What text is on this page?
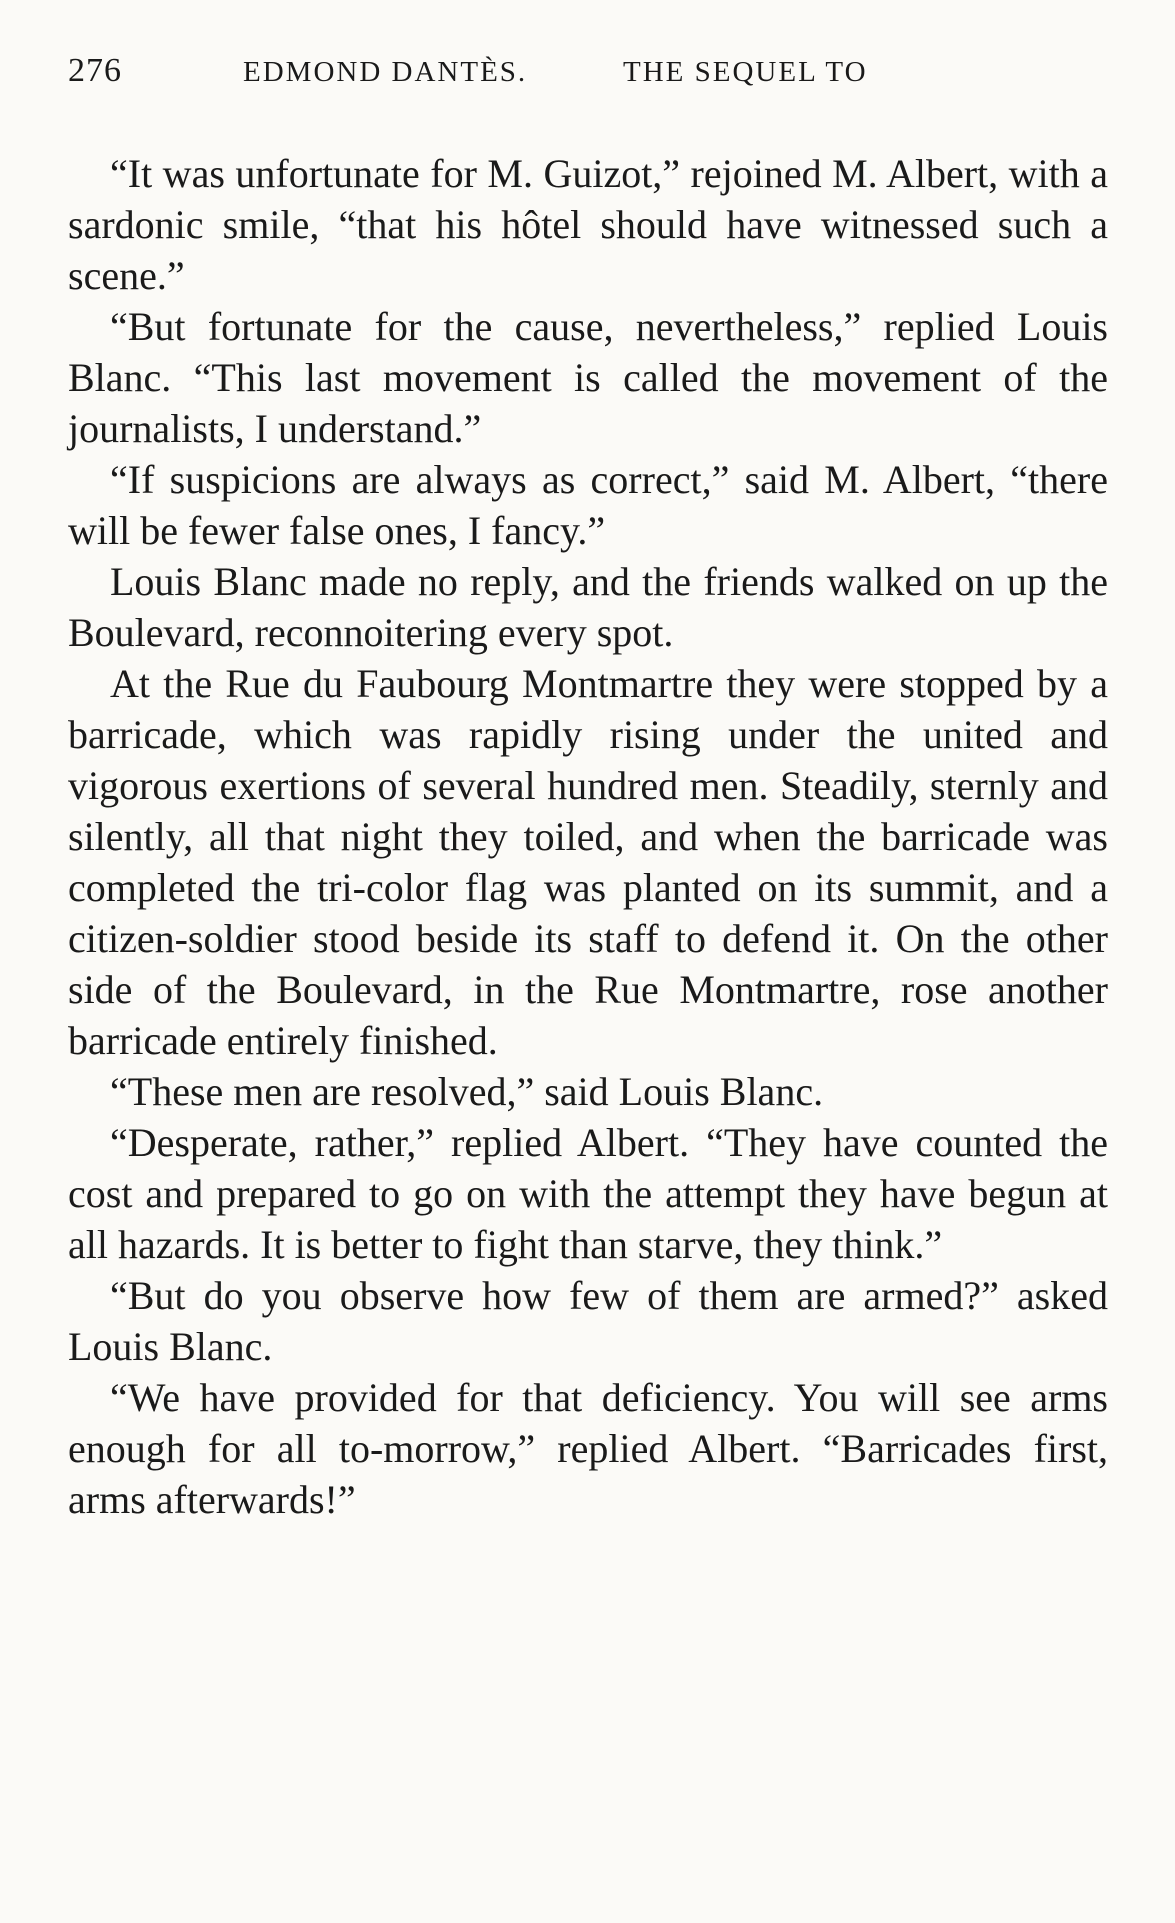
276	EDMOND DANTÈS.	THE SEQUEL TO

“It was unfortunate for M. Guizot,” rejoined M. Albert, with a sardonic smile, “that his hôtel should have witnessed such a scene.”

“But fortunate for the cause, nevertheless,” replied Louis Blanc. “This last movement is called the movement of the journalists, I understand.”

“If suspicions are always as correct,” said M. Albert, “there will be fewer false ones, I fancy.”

Louis Blanc made no reply, and the friends walked on up the Boulevard, reconnoitering every spot.

At the Rue du Faubourg Montmartre they were stopped by a barricade, which was rapidly rising under the united and vigorous exertions of several hundred men. Steadily, sternly and silently, all that night they toiled, and when the barricade was completed the tri-color flag was planted on its summit, and a citizen-soldier stood beside its staff to defend it. On the other side of the Boulevard, in the Rue Montmartre, rose another barricade entirely finished.

“These men are resolved,” said Louis Blanc.

“Desperate, rather,” replied Albert. “They have counted the cost and prepared to go on with the attempt they have begun at all hazards. It is better to fight than starve, they think.”

“But do you observe how few of them are armed?” asked Louis Blanc.

“We have provided for that deficiency. You will see arms enough for all to-morrow,” replied Albert. “Barricades first, arms afterwards!”
